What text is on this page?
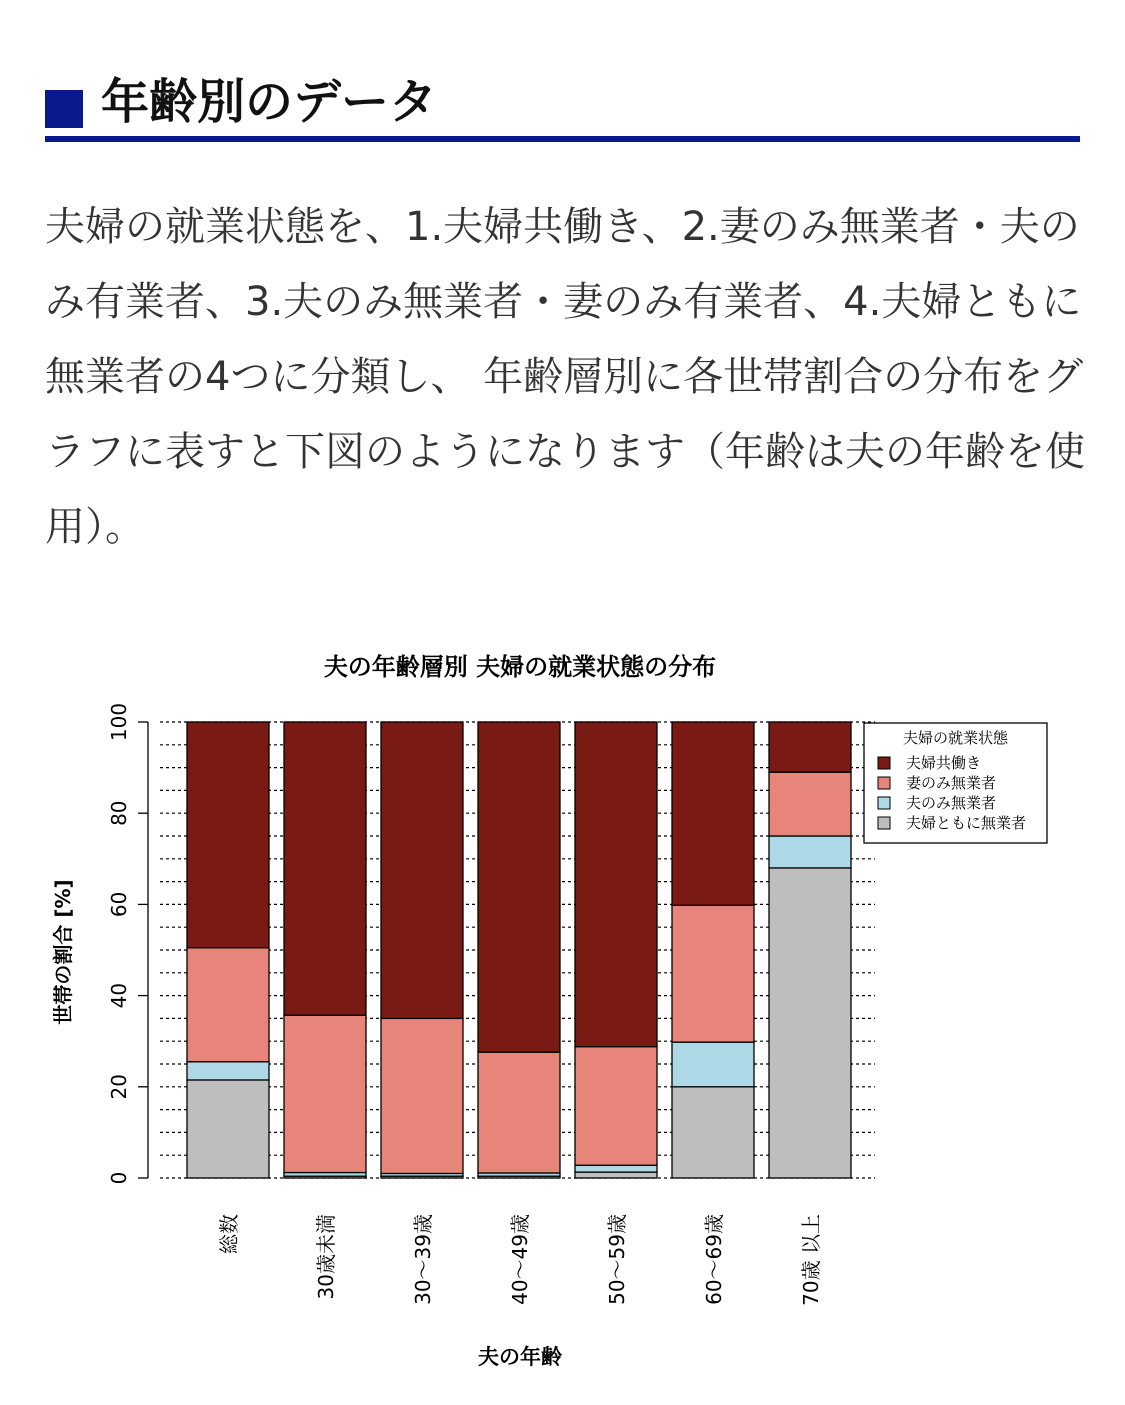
年齢別のデータ

夫婦の就業状態を、1.夫婦共働き、2.妻のみ無業者・夫のみ有業者、3.夫のみ無業者・妻のみ有業者、4.夫婦ともに無業者の4つに分類し、 年齢層別に各世帯割合の分布をグラフに表すと下図のようになります（年齢は夫の年齢を使用）。

夫の年齢層別 夫婦の就業状態の分布
0
20
40
60
80
100
総数	30歳未満	30～39歳	40～49歳	50～59歳	60～69歳	70歳 以上
世帯の割合 [%]
夫の年齢
夫婦の就業状態
夫婦共働き
妻のみ無業者
夫のみ無業者
夫婦ともに無業者
